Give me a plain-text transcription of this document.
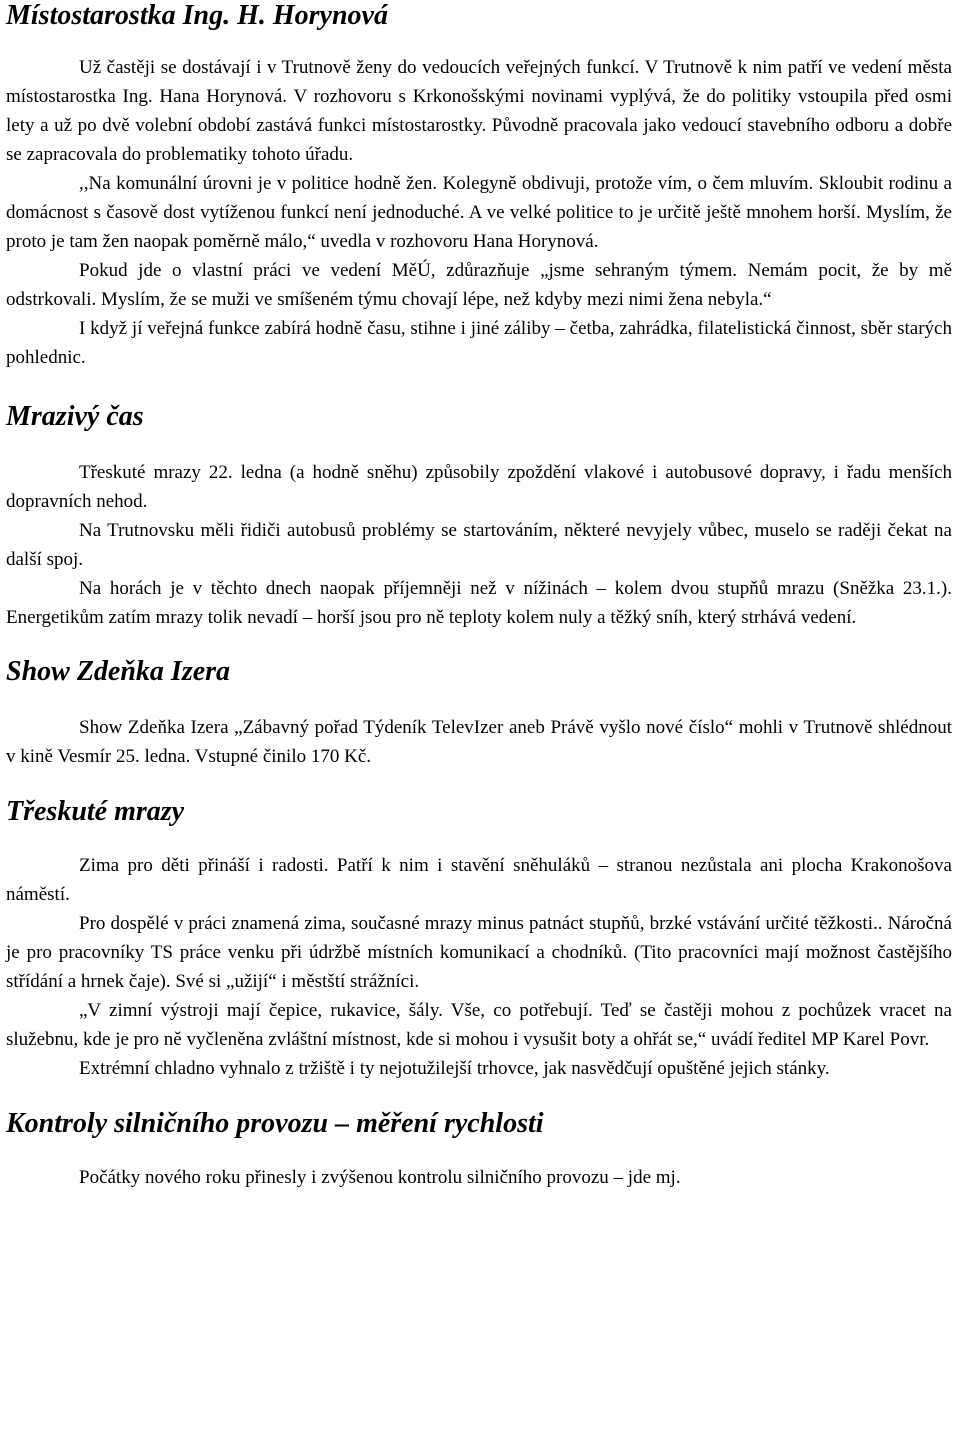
Místostarostka Ing. H. Horynová

Už častěji se dostávají i v Trutnově ženy do vedoucích veřejných funkcí. V Trutnově k nim patří ve vedení města místostarostka Ing. Hana Horynová. V rozhovoru s Krkonošskými novinami vyplývá, že do politiky vstoupila před osmi lety a už po dvě volební období zastává funkci místostarostky. Původně pracovala jako vedoucí stavebního odboru a dobře se zapracovala do problematiky tohoto úřadu.

,,Na komunální úrovni je v politice hodně žen. Kolegyně obdivuji, protože vím, o čem mluvím. Skloubit rodinu a domácnost s časově dost vytíženou funkcí není jednoduché. A ve velké politice to je určitě ještě mnohem horší. Myslím, že proto je tam žen naopak poměrně málo,“ uvedla v rozhovoru Hana Horynová.

Pokud jde o vlastní práci ve vedení MěÚ, zdůrazňuje „jsme sehraným týmem. Nemám pocit, že by mě odstrkovali. Myslím, že se muži ve smíšeném týmu chovají lépe, než kdyby mezi nimi žena nebyla.“

I když jí veřejná funkce zabírá hodně času, stihne i jiné záliby – četba, zahrádka, filatelistická činnost, sběr starých pohlednic.

Mrazivý čas

Třeskuté mrazy 22. ledna (a hodně sněhu) způsobily zpoždění vlakové i autobusové dopravy, i řadu menších dopravních nehod.

Na Trutnovsku měli řidiči autobusů problémy se startováním, některé nevyjely vůbec, muselo se raději čekat na další spoj.

Na horách je v těchto dnech naopak příjemněji než v nížinách – kolem dvou stupňů mrazu (Sněžka 23.1.). Energetikům zatím mrazy tolik nevadí – horší jsou pro ně teploty kolem nuly a těžký sníh, který strhává vedení.

Show Zdeňka Izera

Show Zdeňka Izera „Zábavný pořad Týdeník TelevIzer aneb Právě vyšlo nové číslo“ mohli v Trutnově shlédnout v kině Vesmír 25. ledna. Vstupné činilo 170 Kč.

Třeskuté mrazy

Zima pro děti přináší i radosti. Patří k nim i stavění sněhuláků – stranou nezůstala ani plocha Krakonošova náměstí.

Pro dospělé v práci znamená zima, současné mrazy minus patnáct stupňů, brzké vstávání určité těžkosti.. Náročná je pro pracovníky TS práce venku při údržbě místních komunikací a chodníků. (Tito pracovníci mají možnost častějšího střídání a hrnek čaje). Své si „užijí“ i městští strážníci.

„V zimní výstroji mají čepice, rukavice, šály. Vše, co potřebují. Teď se častěji mohou z pochůzek vracet na služebnu, kde je pro ně vyčleněna zvláštní místnost, kde si mohou i vysušit boty a ohřát se,“ uvádí ředitel MP Karel Povr.

Extrémní chladno vyhnalo z tržiště i ty nejotužilejší trhovce, jak nasvědčují opuštěné jejich stánky.

Kontroly silničního provozu – měření rychlosti

Počátky nového roku přinesly i zvýšenou kontrolu silničního provozu – jde mj.
